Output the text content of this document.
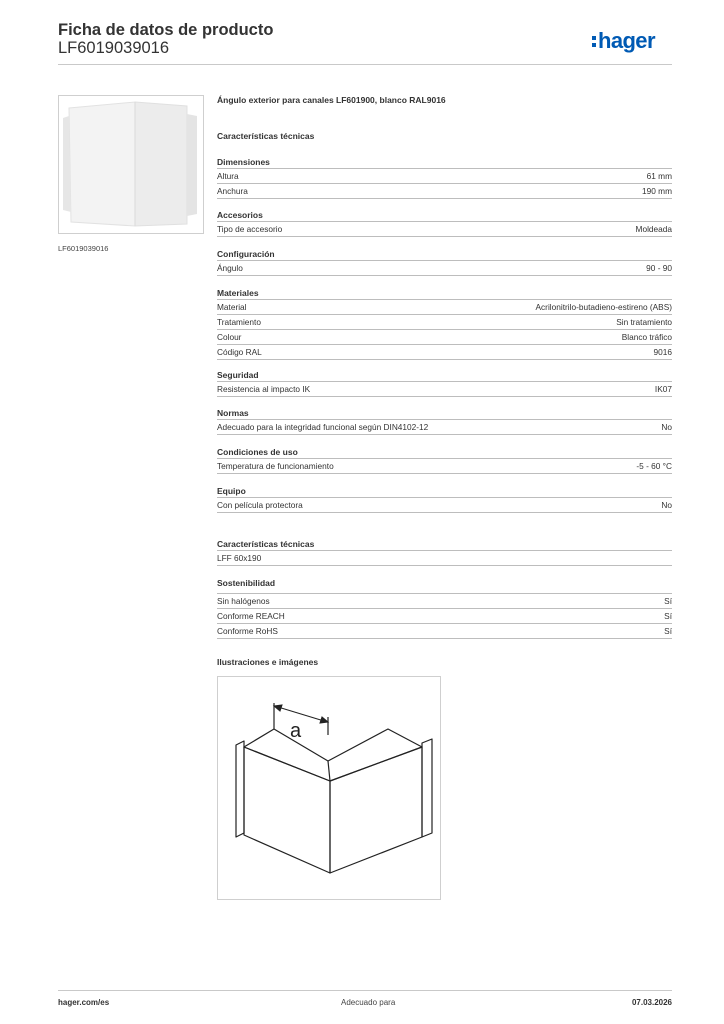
Ficha de datos de producto
LF6019039016	hager
LF6019039016
Ángulo exterior para canales LF601900, blanco RAL9016
Características técnicas
Dimensiones
Altura	61 mm
Anchura	190 mm
Accesorios
Tipo de accesorio	Moldeada
Configuración
Ángulo	90 - 90
Materiales
Material	Acrilonitrilo-butadieno-estireno (ABS)
Tratamiento	Sin tratamiento
Colour	Blanco tráfico
Código RAL	9016
Seguridad
Resistencia al impacto IK	IK07
Normas
Adecuado para la integridad funcional según DIN4102-12	No
Condiciones de uso
Temperatura de funcionamiento	-5 - 60 °C
Equipo
Con película protectora	No
Características técnicas
LFF 60x190
Sostenibilidad
Sin halógenos	Sí
Conforme REACH	Sí
Conforme RoHS	Sí
Ilustraciones e imágenes
a
hager.com/es	Adecuado para	07.03.2026
